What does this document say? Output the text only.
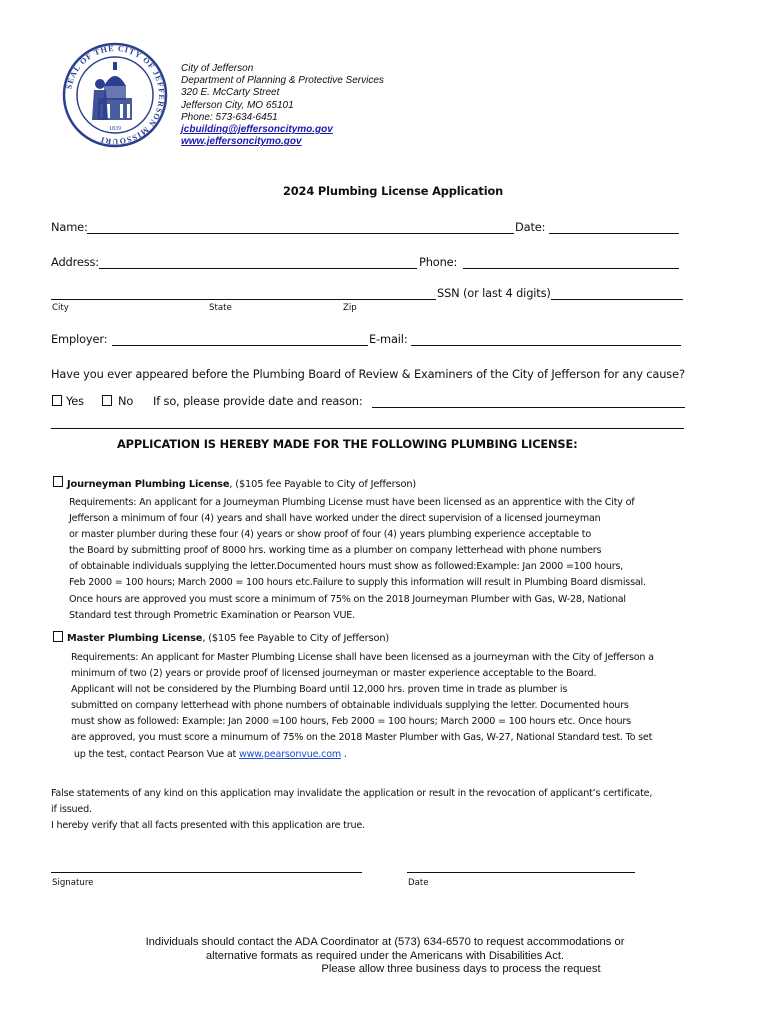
SEAL OF THE CITY OF JEFFERSON MISSOURI
1839
City of Jefferson
Department of Planning & Protective Services
320 E. McCarty Street
Jefferson City, MO 65101
Phone: 573-634-6451
jcbuilding@jeffersoncitymo.gov
www.jeffersoncitymo.gov
2024 Plumbing License Application
Name:	Date:
Address:	Phone:
SSN (or last 4 digits)
City	State	Zip
Employer:	E-mail:
Have you ever appeared before the Plumbing Board of Review & Examiners of the City of Jefferson for any cause?
Yes	No If so, please provide date and reason:
APPLICATION IS HEREBY MADE FOR THE FOLLOWING PLUMBING LICENSE:
Journeyman Plumbing License, ($105 fee Payable to City of Jefferson)
Requirements: An applicant for a Journeyman Plumbing License must have been licensed as an apprentice with the City of
Jefferson a minimum of four (4) years and shall have worked under the direct supervision of a licensed journeyman
or master plumber during these four (4) years or show proof of four (4) years plumbing experience acceptable to
the Board by submitting proof of 8000 hrs. working time as a plumber on company letterhead with phone numbers
of obtainable individuals supplying the letter.Documented hours must show as followed:Example: Jan 2000 =100 hours,
Feb 2000 = 100 hours; March 2000 = 100 hours etc.Failure to supply this information will result in Plumbing Board dismissal.
Once hours are approved you must score a minimum of 75% on the 2018 Journeyman Plumber with Gas, W-28, National
Standard test through Prometric Examination or Pearson VUE.
Master Plumbing License, ($105 fee Payable to City of Jefferson)
Requirements: An applicant for Master Plumbing License shall have been licensed as a journeyman with the City of Jefferson a
minimum of two (2) years or provide proof of licensed journeyman or master experience acceptable to the Board.
Applicant will not be considered by the Plumbing Board until 12,000 hrs. proven time in trade as plumber is
submitted on company letterhead with phone numbers of obtainable individuals supplying the letter. Documented hours
must show as followed: Example: Jan 2000 =100 hours, Feb 2000 = 100 hours; March 2000 = 100 hours etc. Once hours
are approved, you must score a minumum of 75% on the 2018 Master Plumber with Gas, W-27, National Standard test. To set
up the test, contact Pearson Vue at www.pearsonvue.com .
False statements of any kind on this application may invalidate the application or result in the revocation of applicant’s certificate,
if issued.
I hereby verify that all facts presented with this application are true.
Signature	Date
Individuals should contact the ADA Coordinator at (573) 634-6570 to request accommodations or
alternative formats as required under the Americans with Disabilities Act.
Please allow three business days to process the request
